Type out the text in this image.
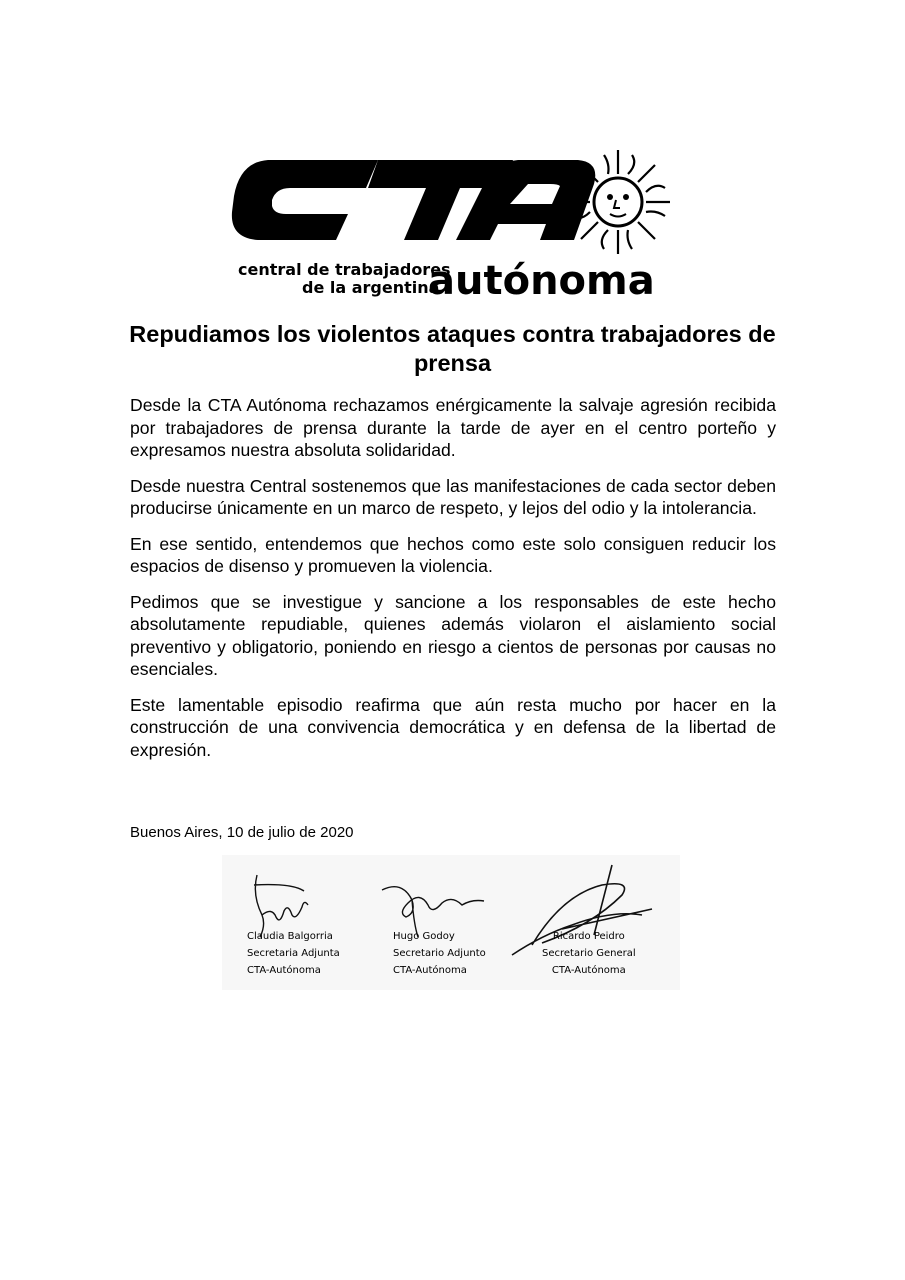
central de trabajadores
de la argentina
autónoma
Repudiamos los violentos ataques contra trabajadores de prensa

Desde la CTA Autónoma rechazamos enérgicamente la salvaje agresión recibida por trabajadores de prensa durante la tarde de ayer en el centro porteño y expresamos nuestra absoluta solidaridad.

Desde nuestra Central sostenemos que las manifestaciones de cada sector deben producirse únicamente en un marco de respeto, y lejos del odio y la intolerancia.

En ese sentido, entendemos que hechos como este solo consiguen reducir los espacios de disenso y promueven la violencia.

Pedimos que se investigue y sancione a los responsables de este hecho absolutamente repudiable, quienes además violaron el aislamiento social preventivo y obligatorio, poniendo en riesgo a cientos de personas por causas no esenciales.

Este lamentable episodio reafirma que aún resta mucho por hacer en la construcción de una convivencia democrática y en defensa de la libertad de expresión.

Buenos Aires, 10 de julio de 2020
Claudia Balgorria
Secretaria Adjunta
CTA-Autónoma
Hugo Godoy
Secretario Adjunto
CTA-Autónoma
Ricardo Peidro
Secretario General
CTA-Autónoma
